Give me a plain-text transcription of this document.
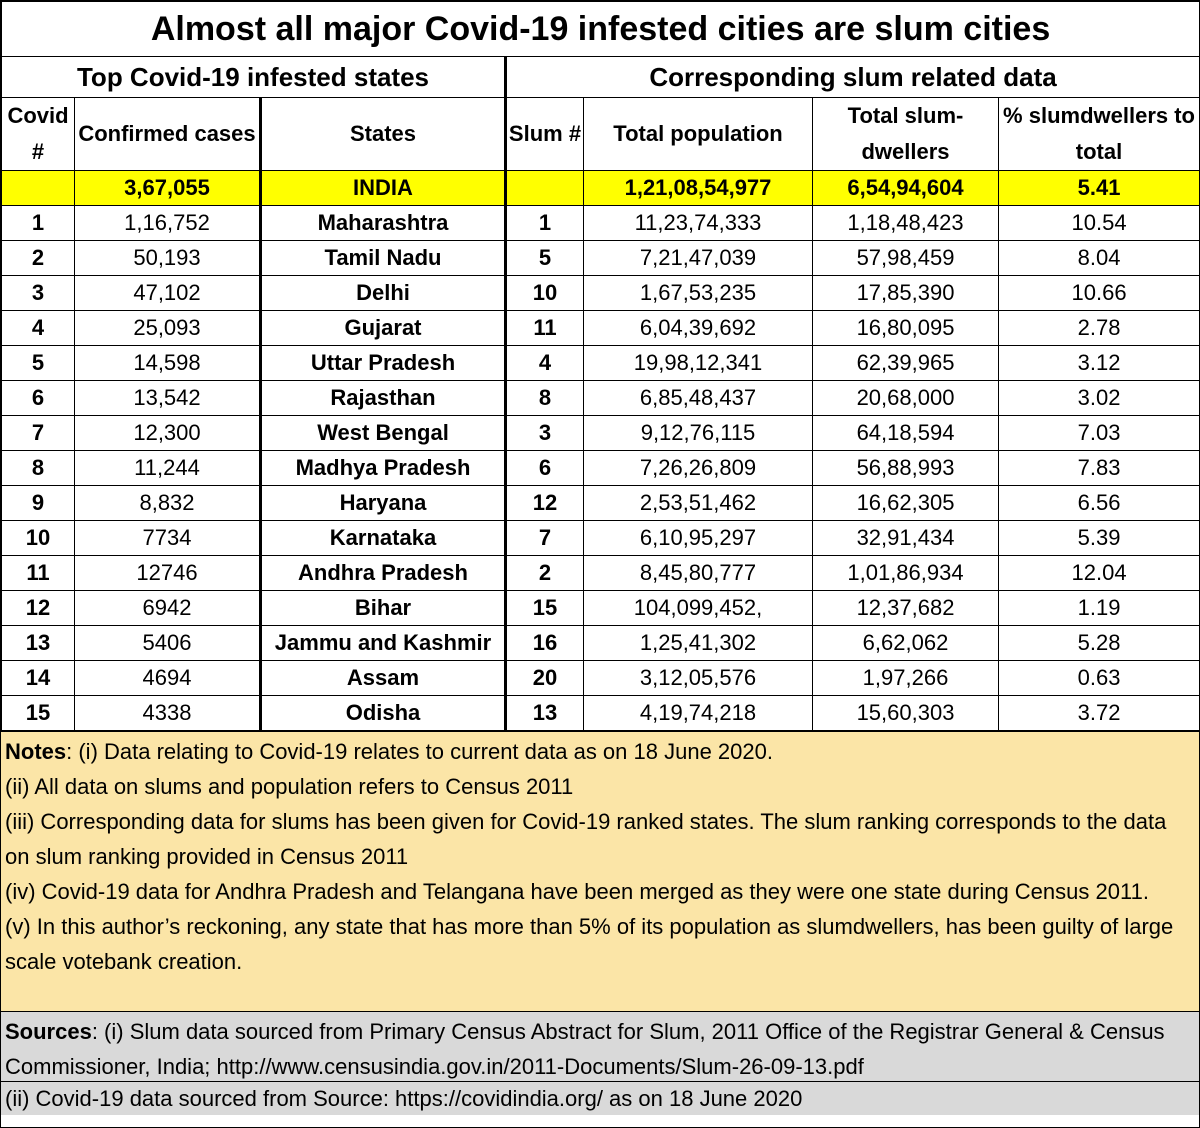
Almost all major Covid-19 infested cities are slum cities						
Top Covid-19 infested states			Corresponding slum related data			
Covid #	Confirmed cases	States	Slum #	Total population	Total slum-dwellers	% slumdwellers to total
	3,67,055	INDIA		1,21,08,54,977	6,54,94,604	5.41
1	1,16,752	Maharashtra	1	11,23,74,333	1,18,48,423	10.54
2	50,193	Tamil Nadu	5	7,21,47,039	57,98,459	8.04
3	47,102	Delhi	10	1,67,53,235	17,85,390	10.66
4	25,093	Gujarat	11	6,04,39,692	16,80,095	2.78
5	14,598	Uttar Pradesh	4	19,98,12,341	62,39,965	3.12
6	13,542	Rajasthan	8	6,85,48,437	20,68,000	3.02
7	12,300	West Bengal	3	9,12,76,115	64,18,594	7.03
8	11,244	Madhya Pradesh	6	7,26,26,809	56,88,993	7.83
9	8,832	Haryana	12	2,53,51,462	16,62,305	6.56
10	7734	Karnataka	7	6,10,95,297	32,91,434	5.39
11	12746	Andhra Pradesh	2	8,45,80,777	1,01,86,934	12.04
12	6942	Bihar	15	104,099,452,	12,37,682	1.19
13	5406	Jammu and Kashmir	16	1,25,41,302	6,62,062	5.28
14	4694	Assam	20	3,12,05,576	1,97,266	0.63
15	4338	Odisha	13	4,19,74,218	15,60,303	3.72
Notes: (i) Data relating to Covid-19 relates to current data as on 18 June 2020.
(ii) All data on slums and population refers to Census 2011
(iii) Corresponding data for slums has been given for Covid-19 ranked states. The slum ranking corresponds to the data on slum ranking provided in Census 2011
(iv) Covid-19 data for Andhra Pradesh and Telangana have been merged as they were one state during Census 2011.
(v) In this author’s reckoning, any state that has more than 5% of its population as slumdwellers, has been guilty of large scale votebank creation.
Sources: (i) Slum data sourced from Primary Census Abstract for Slum, 2011 Office of the Registrar General & Census Commissioner, India; http://www.censusindia.gov.in/2011-Documents/Slum-26-09-13.pdf
(ii) Covid-19 data sourced from Source: https://covidindia.org/ as on 18 June 2020
